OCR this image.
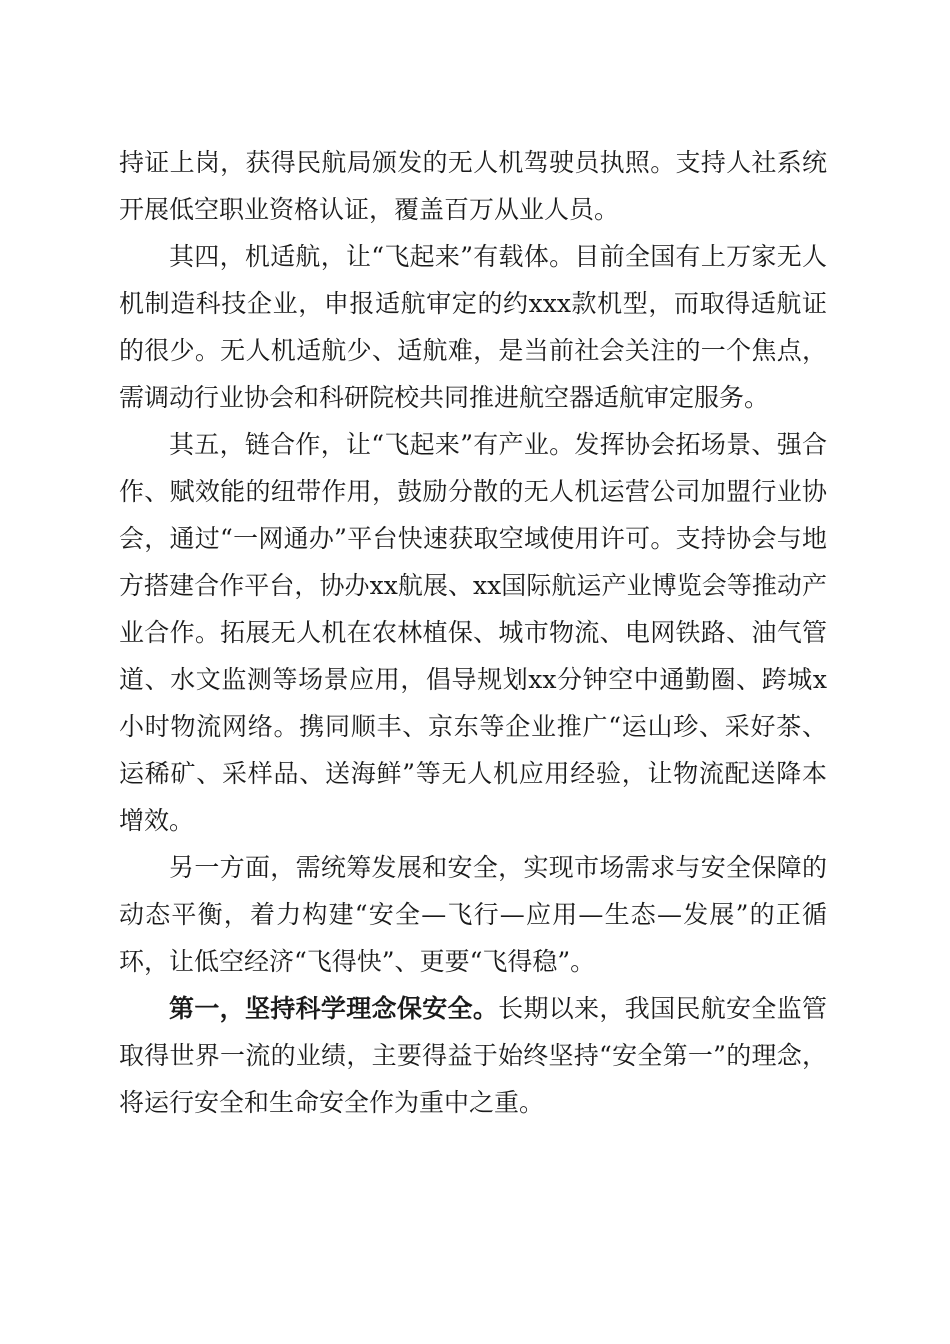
持证上岗，获得民航局颁发的无人机驾驶员执照。支持人社系统开展低空职业资格认证，覆盖百万从业人员。

其四，机适航，让“飞起来”有载体。目前全国有上万家无人机制造科技企业，申报适航审定的约xxx款机型，而取得适航证的很少。无人机适航少、适航难，是当前社会关注的一个焦点，需调动行业协会和科研院校共同推进航空器适航审定服务。

其五，链合作，让“飞起来”有产业。发挥协会拓场景、强合作、赋效能的纽带作用，鼓励分散的无人机运营公司加盟行业协会，通过“一网通办”平台快速获取空域使用许可。支持协会与地方搭建合作平台，协办xx航展、xx国际航运产业博览会等推动产业合作。拓展无人机在农林植保、城市物流、电网铁路、油气管道、水文监测等场景应用，倡导规划xx分钟空中通勤圈、跨城x小时物流网络。携同顺丰、京东等企业推广“运山珍、采好茶、运稀矿、采样品、送海鲜”等无人机应用经验，让物流配送降本增效。

另一方面，需统筹发展和安全，实现市场需求与安全保障的动态平衡，着力构建“安全—飞行—应用—生态—发展”的正循环，让低空经济“飞得快”、更要“飞得稳”。

第一，坚持科学理念保安全。长期以来，我国民航安全监管取得世界一流的业绩，主要得益于始终坚持“安全第一”的理念，将运行安全和生命安全作为重中之重。
